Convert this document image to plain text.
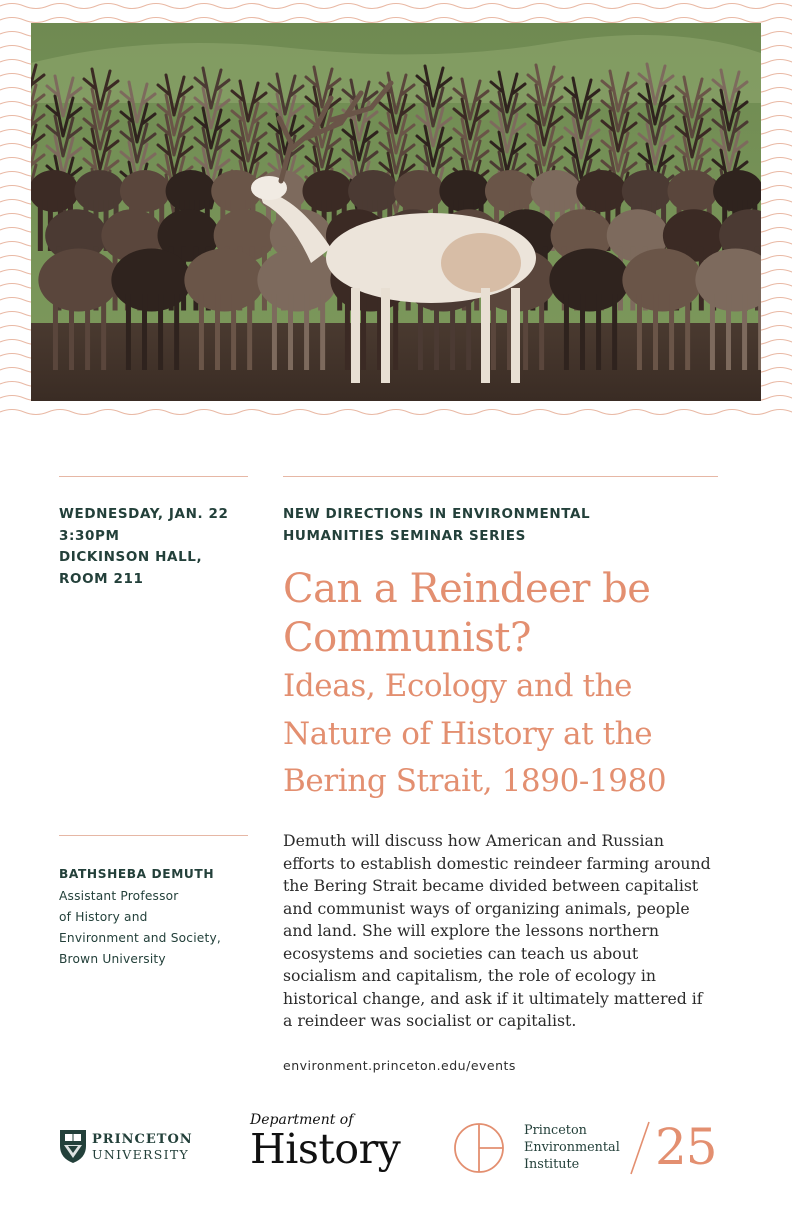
WEDNESDAY, JAN. 22
3:30PM
DICKINSON HALL,
ROOM 211
NEW DIRECTIONS IN ENVIRONMENTAL
HUMANITIES SEMINAR SERIES
Can a Reindeer be
Communist?
Ideas, Ecology and the
Nature of History at the
Bering Strait, 1890-1980
BATHSHEBA DEMUTH
Assistant Professor
of History and
Environment and Society,
Brown University
Demuth will discuss how American and Russian
efforts to establish domestic reindeer farming around
the Bering Strait became divided between capitalist
and communist ways of organizing animals, people
and land. She will explore the lessons northern
ecosystems and societies can teach us about
socialism and capitalism, the role of ecology in
historical change, and ask if it ultimately mattered if
a reindeer was socialist or capitalist.
environment.princeton.edu/events
PRINCETON
UNIVERSITY
Department of
History	Princeton
Environmental
Institute	25
